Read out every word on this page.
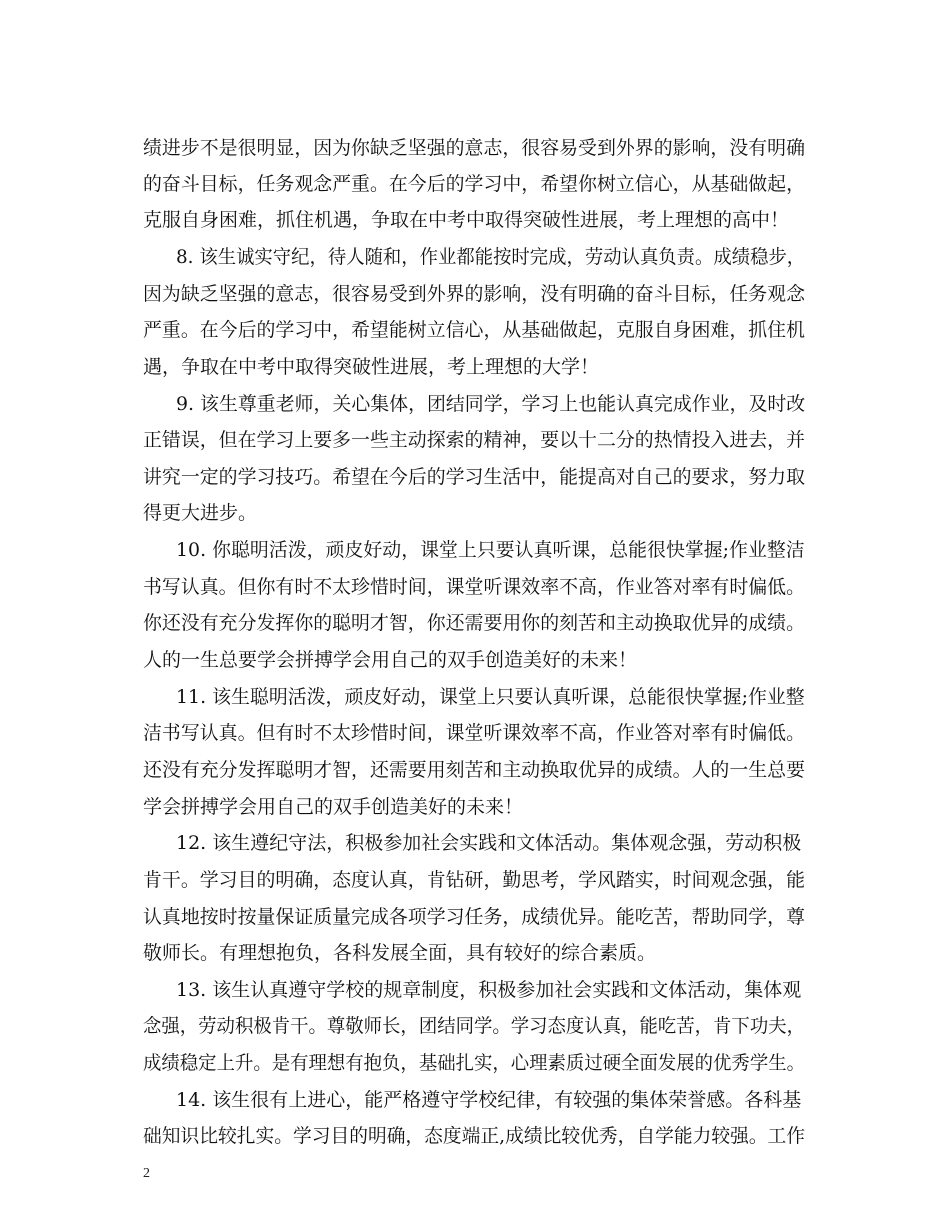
绩进步不是很明显，因为你缺乏坚强的意志，很容易受到外界的影响，没有明确
的奋斗目标，任务观念严重。在今后的学习中，希望你树立信心，从基础做起，
克服自身困难，抓住机遇，争取在中考中取得突破性进展，考上理想的高中！
8. 该生诚实守纪，待人随和，作业都能按时完成，劳动认真负责。成绩稳步，
因为缺乏坚强的意志，很容易受到外界的影响，没有明确的奋斗目标，任务观念
严重。在今后的学习中，希望能树立信心，从基础做起，克服自身困难，抓住机
遇，争取在中考中取得突破性进展，考上理想的大学！
9. 该生尊重老师，关心集体，团结同学，学习上也能认真完成作业，及时改
正错误，但在学习上要多一些主动探索的精神，要以十二分的热情投入进去，并
讲究一定的学习技巧。希望在今后的学习生活中，能提高对自己的要求，努力取
得更大进步。
10. 你聪明活泼，顽皮好动，课堂上只要认真听课，总能很快掌握;作业整洁
书写认真。但你有时不太珍惜时间，课堂听课效率不高，作业答对率有时偏低。
你还没有充分发挥你的聪明才智，你还需要用你的刻苦和主动换取优异的成绩。
人的一生总要学会拼搏学会用自己的双手创造美好的未来！
11. 该生聪明活泼，顽皮好动，课堂上只要认真听课，总能很快掌握;作业整
洁书写认真。但有时不太珍惜时间，课堂听课效率不高，作业答对率有时偏低。
还没有充分发挥聪明才智，还需要用刻苦和主动换取优异的成绩。人的一生总要
学会拼搏学会用自己的双手创造美好的未来！
12. 该生遵纪守法，积极参加社会实践和文体活动。集体观念强，劳动积极
肯干。学习目的明确，态度认真，肯钻研，勤思考，学风踏实，时间观念强，能
认真地按时按量保证质量完成各项学习任务，成绩优异。能吃苦，帮助同学，尊
敬师长。有理想抱负，各科发展全面，具有较好的综合素质。
13. 该生认真遵守学校的规章制度，积极参加社会实践和文体活动，集体观
念强，劳动积极肯干。尊敬师长，团结同学。学习态度认真，能吃苦，肯下功夫，
成绩稳定上升。是有理想有抱负，基础扎实，心理素质过硬全面发展的优秀学生。
14. 该生很有上进心，能严格遵守学校纪律，有较强的集体荣誉感。各科基
础知识比较扎实。学习目的明确，态度端正,成绩比较优秀，自学能力较强。工作
2
